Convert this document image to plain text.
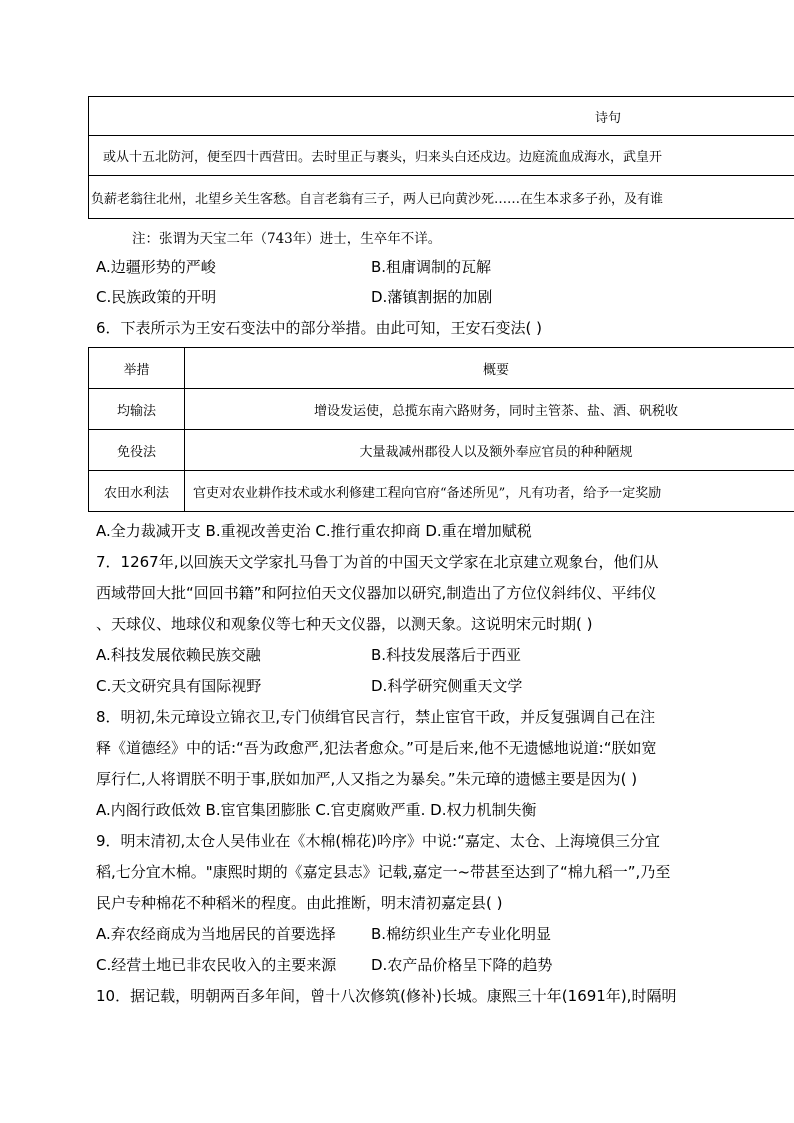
诗句
或从十五北防河，便至四十西营田。去时里正与裹头，归来头白还戍边。边庭流血成海水，武皇开
负薪老翁往北州，北望乡关生客愁。自言老翁有三子，两人已向黄沙死……在生本求多子孙，及有谁
注：张谓为天宝二年（743年）进士，生卒年不详。
A.边疆形势的严峻	B.租庸调制的瓦解
C.民族政策的开明	D.藩镇割据的加剧
6．下表所示为王安石变法中的部分举措。由此可知，王安石变法( )
举措	概要
均输法	增设发运使，总揽东南六路财务，同时主管茶、盐、酒、矾税收
免役法	大量裁减州郡役人以及额外奉应官员的种种陋规
农田水利法	官吏对农业耕作技术或水利修建工程向官府“备述所见”，凡有功者，给予一定奖励
A.全力裁减开支 B.重视改善吏治 C.推行重农抑商 D.重在增加赋税
7．1267年,以回族天文学家扎马鲁丁为首的中国天文学家在北京建立观象台，他们从
西域带回大批“回回书籍”和阿拉伯天文仪器加以研究,制造出了方位仪斜纬仪、平纬仪
、天球仪、地球仪和观象仪等七种天文仪器，以测天象。这说明宋元时期( )
A.科技发展依赖民族交融	B.科技发展落后于西亚
C.天文研究具有国际视野	D.科学研究侧重天文学
8．明初,朱元璋设立锦衣卫,专门侦缉官民言行，禁止宦官干政，并反复强调自己在注
释《道德经》中的话:“吾为政愈严,犯法者愈众。”可是后来,他不无遗憾地说道:“朕如宽
厚行仁,人将谓朕不明于事,朕如加严,人又指之为暴矣。”朱元璋的遗憾主要是因为( )
A.内阁行政低效 B.宦官集团膨胀 C.官吏腐败严重. D.权力机制失衡
9．明末清初,太仓人吴伟业在《木棉(棉花)吟序》中说:“嘉定、太仓、上海境俱三分宜
稻,七分宜木棉。"康熙时期的《嘉定县志》记载,嘉定一~带甚至达到了“棉九稻一”,乃至
民户专种棉花不种稻米的程度。由此推断，明末清初嘉定县( )
A.弃农经商成为当地居民的首要选择 B.棉纺织业生产专业化明显
C.经营土地已非农民收入的主要来源 D.农产品价格呈下降的趋势
10．据记载，明朝两百多年间，曾十八次修筑(修补)长城。康熙三十年(1691年),时隔明
